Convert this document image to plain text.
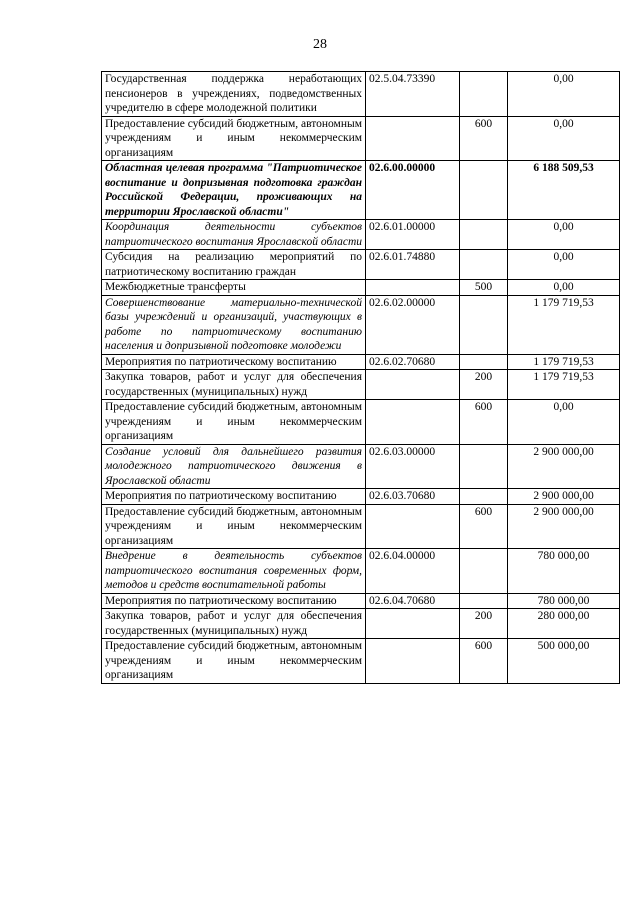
28
Государственная поддержка неработающих пенсионеров в учреждениях, подведомственных учредителю в сфере молодежной политики	02.5.04.73390		0,00
Предоставление субсидий бюджетным, автономным учреждениям и иным некоммерческим организациям		600	0,00
Областная целевая программа "Патриотическое воспитание и допризывная подготовка граждан Российской Федерации, проживающих на территории Ярославской области"	02.6.00.00000		6 188 509,53
Координация деятельности субъектов патриотического воспитания Ярославской области	02.6.01.00000		0,00
Субсидия на реализацию мероприятий по патриотическому воспитанию граждан	02.6.01.74880		0,00
Межбюджетные трансферты		500	0,00
Совершенствование материально-технической базы учреждений и организаций, участвующих в работе по патриотическому воспитанию населения и допризывной подготовке молодежи	02.6.02.00000		1 179 719,53
Мероприятия по патриотическому воспитанию	02.6.02.70680		1 179 719,53
Закупка товаров, работ и услуг для обеспечения государственных (муниципальных) нужд		200	1 179 719,53
Предоставление субсидий бюджетным, автономным учреждениям и иным некоммерческим организациям		600	0,00
Создание условий для дальнейшего развития молодежного патриотического движения в Ярославской области	02.6.03.00000		2 900 000,00
Мероприятия по патриотическому воспитанию	02.6.03.70680		2 900 000,00
Предоставление субсидий бюджетным, автономным учреждениям и иным некоммерческим организациям		600	2 900 000,00
Внедрение в деятельность субъектов патриотического воспитания современных форм, методов и средств воспитательной работы	02.6.04.00000		780 000,00
Мероприятия по патриотическому воспитанию	02.6.04.70680		780 000,00
Закупка товаров, работ и услуг для обеспечения государственных (муниципальных) нужд		200	280 000,00
Предоставление субсидий бюджетным, автономным учреждениям и иным некоммерческим организациям		600	500 000,00
